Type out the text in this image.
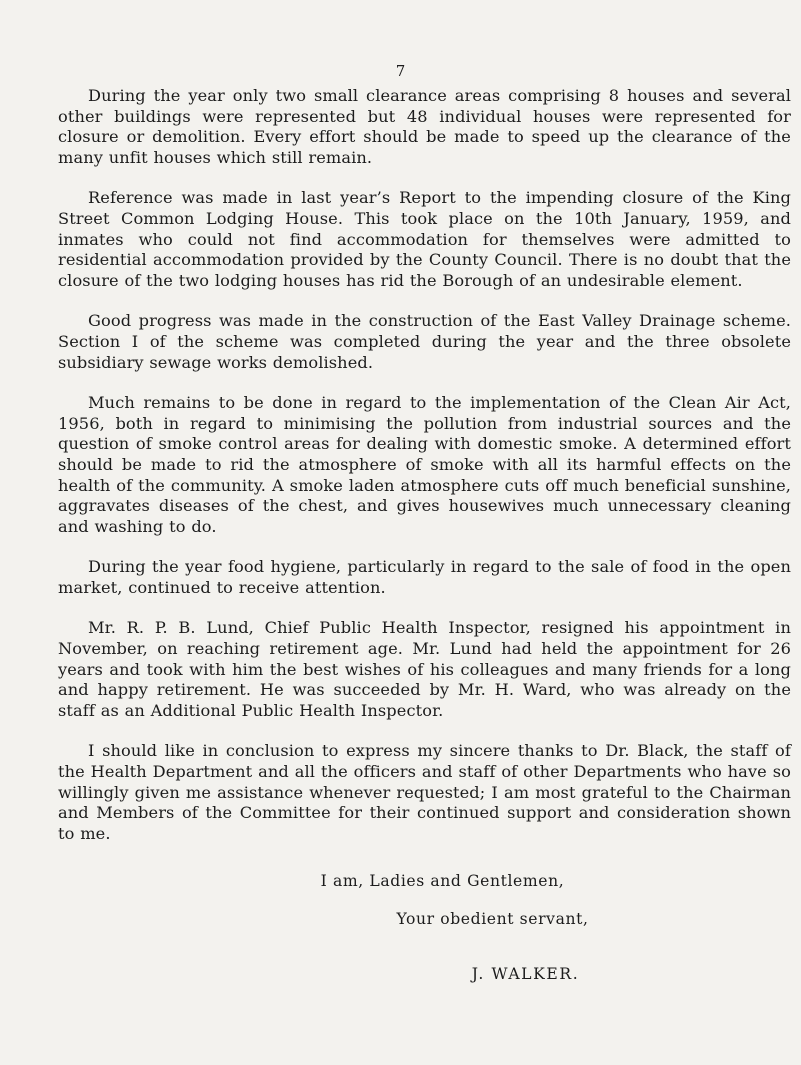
7

During the year only two small clearance areas comprising 8 houses and several other buildings were represented but 48 individual houses were represented for closure or demolition. Every effort should be made to speed up the clearance of the many unfit houses which still remain.

Reference was made in last year’s Report to the impending closure of the King Street Common Lodging House. This took place on the 10th January, 1959, and inmates who could not find accommodation for themselves were admitted to residential accommodation provided by the County Council. There is no doubt that the closure of the two lodging houses has rid the Borough of an undesirable element.

Good progress was made in the construction of the East Valley Drainage scheme. Section I of the scheme was completed during the year and the three obsolete subsidiary sewage works demolished.

Much remains to be done in regard to the implementation of the Clean Air Act, 1956, both in regard to minimising the pollution from industrial sources and the question of smoke control areas for dealing with domestic smoke. A determined effort should be made to rid the atmosphere of smoke with all its harmful effects on the health of the community. A smoke laden atmosphere cuts off much beneficial sunshine, aggravates diseases of the chest, and gives housewives much unnecessary cleaning and washing to do.

During the year food hygiene, particularly in regard to the sale of food in the open market, continued to receive attention.

Mr. R. P. B. Lund, Chief Public Health Inspector, resigned his appointment in November, on reaching retirement age. Mr. Lund had held the appointment for 26 years and took with him the best wishes of his colleagues and many friends for a long and happy retirement. He was succeeded by Mr. H. Ward, who was already on the staff as an Additional Public Health Inspector.

I should like in conclusion to express my sincere thanks to Dr. Black, the staff of the Health Department and all the officers and staff of other Departments who have so willingly given me assistance whenever requested; I am most grateful to the Chairman and Members of the Committee for their continued support and consideration shown to me.

I am, Ladies and Gentlemen,
Your obedient servant,
J. WALKER.
